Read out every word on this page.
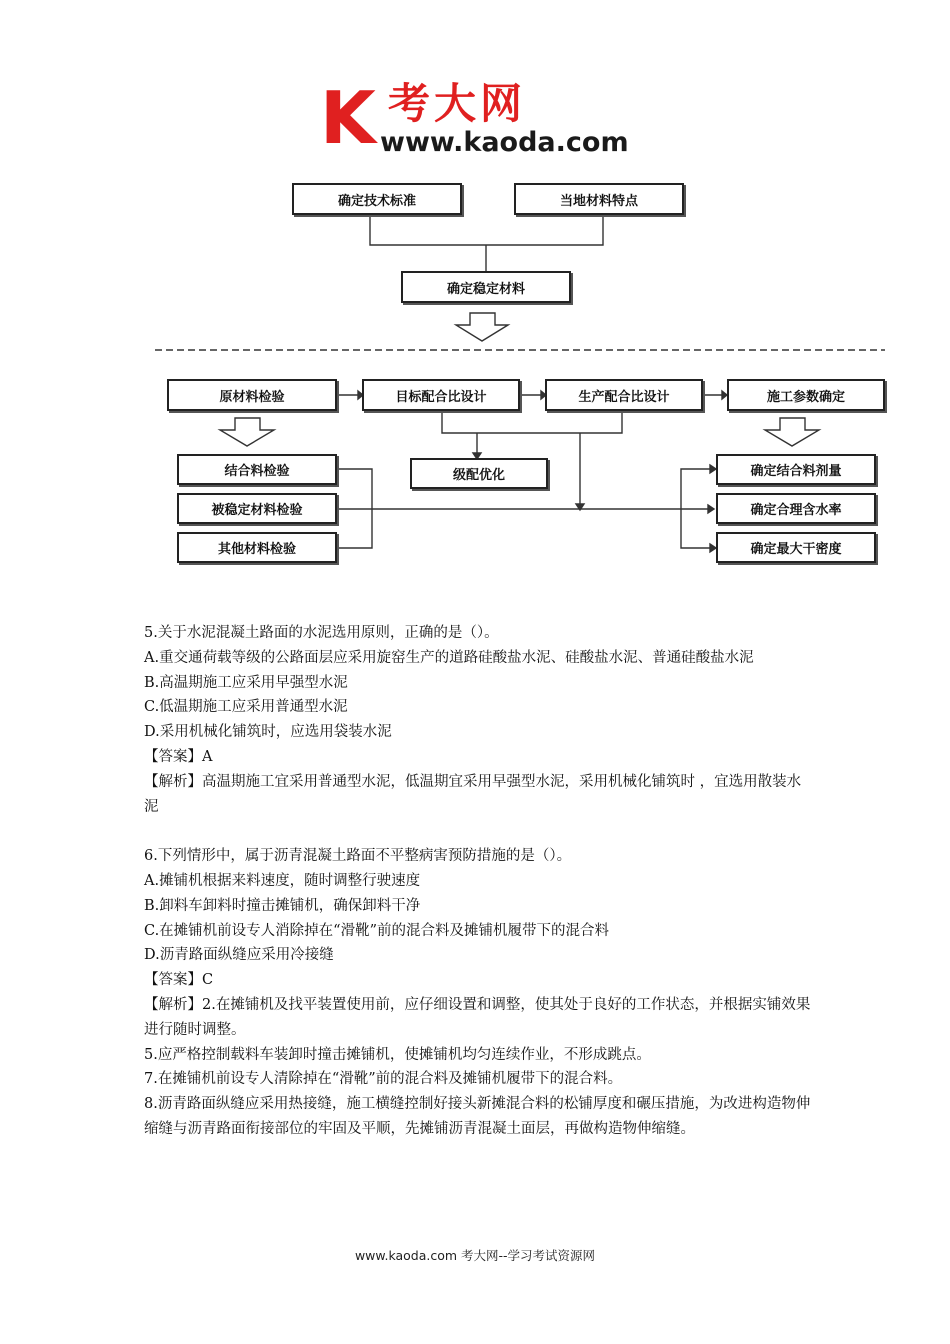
K 考大网
www.kaoda.com
确定技术标准	当地材料特点
确定稳定材料
原材料检验	目标配合比设计	生产配合比设计	施工参数确定
结合料检验
被稳定材料检验
其他材料检验
级配优化	确定结合料剂量
确定合理含水率
确定最大干密度

5.关于水泥混凝土路面的水泥选用原则，正确的是（）。

A.重交通荷载等级的公路面层应采用旋窑生产的道路硅酸盐水泥、硅酸盐水泥、普通硅酸盐水泥

B.高温期施工应采用早强型水泥

C.低温期施工应采用普通型水泥

D.采用机械化铺筑时，应选用袋装水泥

【答案】A

【解析】高温期施工宜采用普通型水泥，低温期宜采用早强型水泥，采用机械化铺筑时 ，宜选用散装水泥

6.下列情形中，属于沥青混凝土路面不平整病害预防措施的是（）。

A.摊铺机根据来料速度，随时调整行驶速度

B.卸料车卸料时撞击摊铺机，确保卸料干净

C.在摊铺机前设专人消除掉在“滑靴”前的混合料及摊铺机履带下的混合料

D.沥青路面纵缝应采用冷接缝

【答案】C

【解析】2.在摊铺机及找平装置使用前，应仔细设置和调整，使其处于良好的工作状态，并根据实铺效果进行随时调整。

5.应严格控制载料车装卸时撞击摊铺机，使摊铺机均匀连续作业，不形成跳点。

7.在摊铺机前设专人清除掉在“滑靴”前的混合料及摊铺机履带下的混合料。

8.沥青路面纵缝应采用热接缝，施工横缝控制好接头新摊混合料的松铺厚度和碾压措施，为改进构造物伸缩缝与沥青路面衔接部位的牢固及平顺，先摊铺沥青混凝土面层，再做构造物伸缩缝。

www.kaoda.com 考大网--学习考试资源网
